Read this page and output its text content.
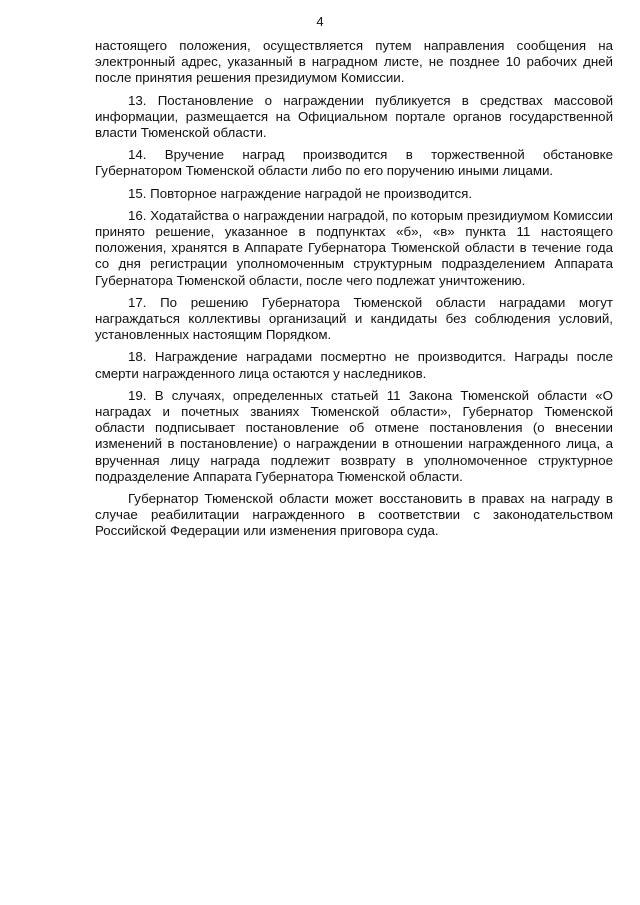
4

настоящего положения, осуществляется путем направления сообщения на электронный адрес, указанный в наградном листе, не позднее 10 рабочих дней после принятия решения президиумом Комиссии.

13. Постановление о награждении публикуется в средствах массовой информации, размещается на Официальном портале органов государственной власти Тюменской области.

14. Вручение наград производится в торжественной обстановке Губернатором Тюменской области либо по его поручению иными лицами.

15. Повторное награждение наградой не производится.

16. Ходатайства о награждении наградой, по которым президиумом Комиссии принято решение, указанное в подпунктах «б», «в» пункта 11 настоящего положения, хранятся в Аппарате Губернатора Тюменской области в течение года со дня регистрации уполномоченным структурным подразделением Аппарата Губернатора Тюменской области, после чего подлежат уничтожению.

17. По решению Губернатора Тюменской области наградами могут награждаться коллективы организаций и кандидаты без соблюдения условий, установленных настоящим Порядком.

18. Награждение наградами посмертно не производится. Награды после смерти награжденного лица остаются у наследников.

19. В случаях, определенных статьей 11 Закона Тюменской области «О наградах и почетных званиях Тюменской области», Губернатор Тюменской области подписывает постановление об отмене постановления (о внесении изменений в постановление) о награждении в отношении награжденного лица, а врученная лицу награда подлежит возврату в уполномоченное структурное подразделение Аппарата Губернатора Тюменской области.

Губернатор Тюменской области может восстановить в правах на награду в случае реабилитации награжденного в соответствии с законодательством Российской Федерации или изменения приговора суда.
